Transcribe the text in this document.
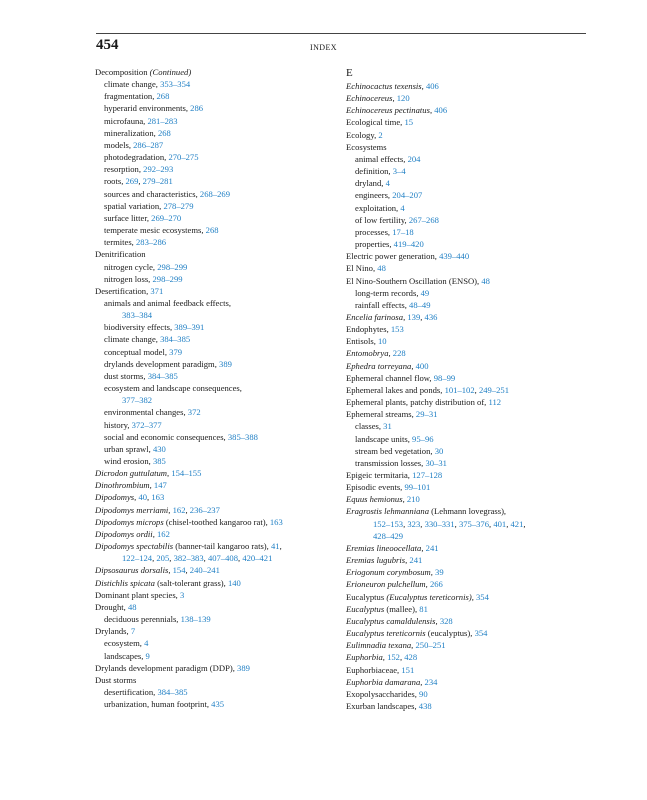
454	INDEX
Decomposition (Continued)
climate change, 353–354
fragmentation, 268
hyperarid environments, 286
microfauna, 281–283
mineralization, 268
models, 286–287
photodegradation, 270–275
resorption, 292–293
roots, 269, 279–281
sources and characteristics, 268–269
spatial variation, 278–279
surface litter, 269–270
temperate mesic ecosystems, 268
termites, 283–286
Denitrification
nitrogen cycle, 298–299
nitrogen loss, 298–299
Desertification, 371
animals and animal feedback effects,
383–384
biodiversity effects, 389–391
climate change, 384–385
conceptual model, 379
drylands development paradigm, 389
dust storms, 384–385
ecosystem and landscape consequences,
377–382
environmental changes, 372
history, 372–377
social and economic consequences, 385–388
urban sprawl, 430
wind erosion, 385
Dicrodon guttulatum, 154–155
Dinothrombium, 147
Dipodomys, 40, 163
Dipodomys merriami, 162, 236–237
Dipodomys microps (chisel-toothed kangaroo rat), 163
Dipodomys ordii, 162
Dipodomys spectabilis (banner-tail kangaroo rats), 41,
122–124, 205, 382–383, 407–408, 420–421
Dipsosaurus dorsalis, 154, 240–241
Distichlis spicata (salt-tolerant grass), 140
Dominant plant species, 3
Drought, 48
deciduous perennials, 138–139
Drylands, 7
ecosystem, 4
landscapes, 9
Drylands development paradigm (DDP), 389
Dust storms
desertification, 384–385
urbanization, human footprint, 435
E
Echinocactus texensis, 406
Echinocereus, 120
Echinocereus pectinatus, 406
Ecological time, 15
Ecology, 2
Ecosystems
animal effects, 204
definition, 3–4
dryland, 4
engineers, 204–207
exploitation, 4
of low fertility, 267–268
processes, 17–18
properties, 419–420
Electric power generation, 439–440
El Nino, 48
El Nino-Southern Oscillation (ENSO), 48
long-term records, 49
rainfall effects, 48–49
Encelia farinosa, 139, 436
Endophytes, 153
Entisols, 10
Entomobrya, 228
Ephedra torreyana, 400
Ephemeral channel flow, 98–99
Ephemeral lakes and ponds, 101–102, 249–251
Ephemeral plants, patchy distribution of, 112
Ephemeral streams, 29–31
classes, 31
landscape units, 95–96
stream bed vegetation, 30
transmission losses, 30–31
Epigeic termitaria, 127–128
Episodic events, 99–101
Equus hemionus, 210
Eragrostis lehmanniana (Lehmann lovegrass),
152–153, 323, 330–331, 375–376, 401, 421,
428–429
Eremias lineoocellata, 241
Eremias lugubris, 241
Eriogonum corymbosum, 39
Erioneuron pulchellum, 266
Eucalyptus (Eucalyptus tereticornis), 354
Eucalyptus (mallee), 81
Eucalyptus camaldulensis, 328
Eucalyptus tereticornis (eucalyptus), 354
Eulimnadia texana, 250–251
Euphorbia, 152, 428
Euphorbiaceae, 151
Euphorbia damarana, 234
Exopolysaccharides, 90
Exurban landscapes, 438
